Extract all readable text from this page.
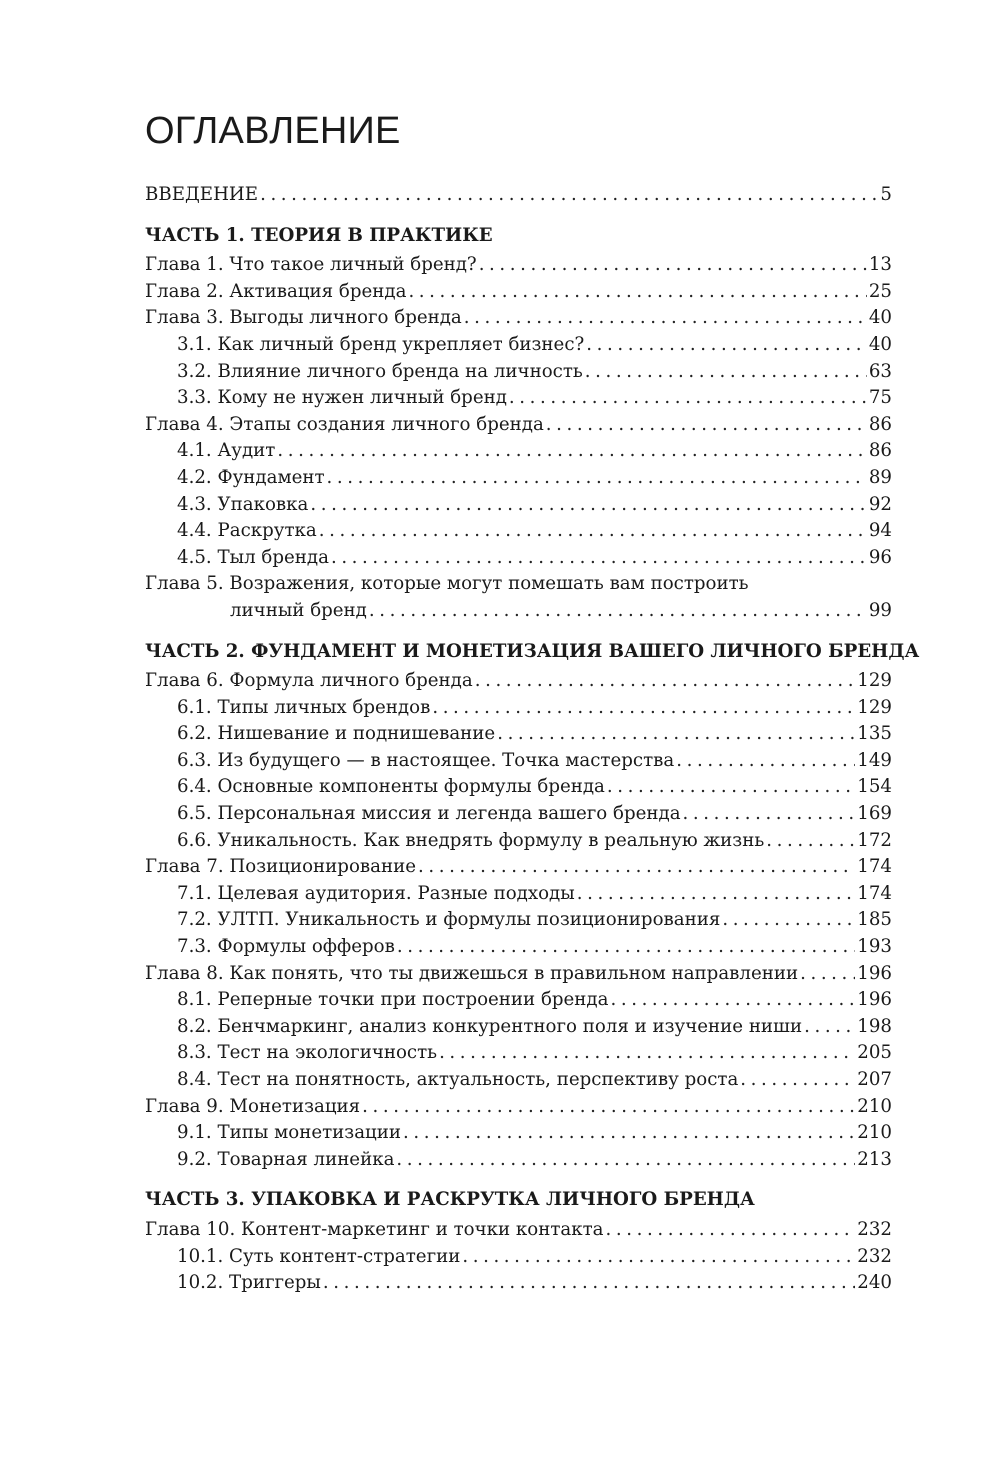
ОГЛАВЛЕНИЕ
ВВЕДЕНИЕ . . .	5
ЧАСТЬ 1. ТЕОРИЯ В ПРАКТИКЕ
Глава 1. Что такое личный бренд? . . .	13
Глава 2. Активация бренда . . .	25
Глава 3. Выгоды личного бренда . . .	40
3.1. Как личный бренд укрепляет бизнес? . . .	40
3.2. Влияние личного бренда на личность . . .	63
3.3. Кому не нужен личный бренд . . .	75
Глава 4. Этапы создания личного бренда . . .	86
4.1. Аудит . . .	86
4.2. Фундамент . . .	89
4.3. Упаковка . . .	92
4.4. Раскрутка . . .	94
4.5. Тыл бренда . . .	96
Глава 5. Возражения, которые могут помешать вам построить
личный бренд . . .	99
ЧАСТЬ 2. ФУНДАМЕНТ И МОНЕТИЗАЦИЯ ВАШЕГО ЛИЧНОГО БРЕНДА
Глава 6. Формула личного бренда . . .	129
6.1. Типы личных брендов . . .	129
6.2. Нишевание и поднишевание . . .	135
6.3. Из будущего — в настоящее. Точка мастерства . . .	149
6.4. Основные компоненты формулы бренда . . .	154
6.5. Персональная миссия и легенда вашего бренда . . .	169
6.6. Уникальность. Как внедрять формулу в реальную жизнь . . .	172
Глава 7. Позиционирование . . .	174
7.1. Целевая аудитория. Разные подходы . . .	174
7.2. УЛТП. Уникальность и формулы позиционирования . . .	185
7.3. Формулы офферов . . .	193
Глава 8. Как понять, что ты движешься в правильном направлении . . .	196
8.1. Реперные точки при построении бренда . . .	196
8.2. Бенчмаркинг, анализ конкурентного поля и изучение ниши . . .	198
8.3. Тест на экологичность . . .	205
8.4. Тест на понятность, актуальность, перспективу роста . . .	207
Глава 9. Монетизация . . .	210
9.1. Типы монетизации . . .	210
9.2. Товарная линейка . . .	213
ЧАСТЬ 3. УПАКОВКА И РАСКРУТКА ЛИЧНОГО БРЕНДА
Глава 10. Контент-маркетинг и точки контакта . . .	232
10.1. Суть контент-стратегии . . .	232
10.2. Триггеры . . .	240
